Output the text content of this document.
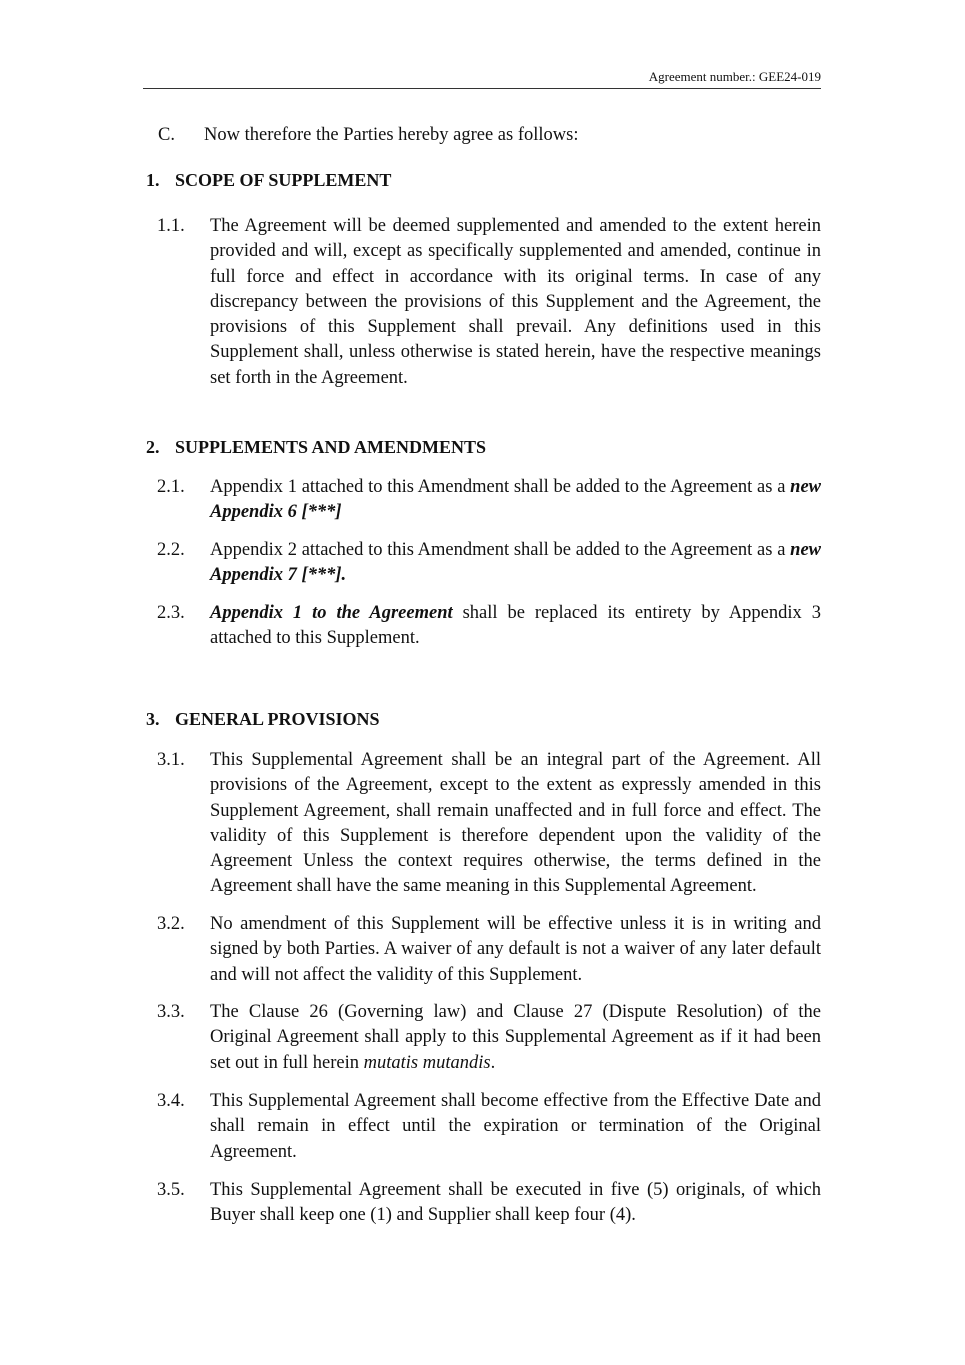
Agreement number.: GEE24-019
C. Now therefore the Parties hereby agree as follows:
1. SCOPE OF SUPPLEMENT
1.1. The Agreement will be deemed supplemented and amended to the extent herein provided and will, except as specifically supplemented and amended, continue in full force and effect in accordance with its original terms. In case of any discrepancy between the provisions of this Supplement and the Agreement, the provisions of this Supplement shall prevail. Any definitions used in this Supplement shall, unless otherwise is stated herein, have the respective meanings set forth in the Agreement.
2. SUPPLEMENTS AND AMENDMENTS
2.1. Appendix 1 attached to this Amendment shall be added to the Agreement as a new Appendix 6 [***]
2.2. Appendix 2 attached to this Amendment shall be added to the Agreement as a new Appendix 7 [***].
2.3. Appendix 1 to the Agreement shall be replaced its entirety by Appendix 3 attached to this Supplement.
3. GENERAL PROVISIONS
3.1. This Supplemental Agreement shall be an integral part of the Agreement. All provisions of the Agreement, except to the extent as expressly amended in this Supplement Agreement, shall remain unaffected and in full force and effect. The validity of this Supplement is therefore dependent upon the validity of the Agreement Unless the context requires otherwise, the terms defined in the Agreement shall have the same meaning in this Supplemental Agreement.
3.2. No amendment of this Supplement will be effective unless it is in writing and signed by both Parties. A waiver of any default is not a waiver of any later default and will not affect the validity of this Supplement.
3.3. The Clause 26 (Governing law) and Clause 27 (Dispute Resolution) of the Original Agreement shall apply to this Supplemental Agreement as if it had been set out in full herein mutatis mutandis.
3.4. This Supplemental Agreement shall become effective from the Effective Date and shall remain in effect until the expiration or termination of the Original Agreement.
3.5. This Supplemental Agreement shall be executed in five (5) originals, of which Buyer shall keep one (1) and Supplier shall keep four (4).
